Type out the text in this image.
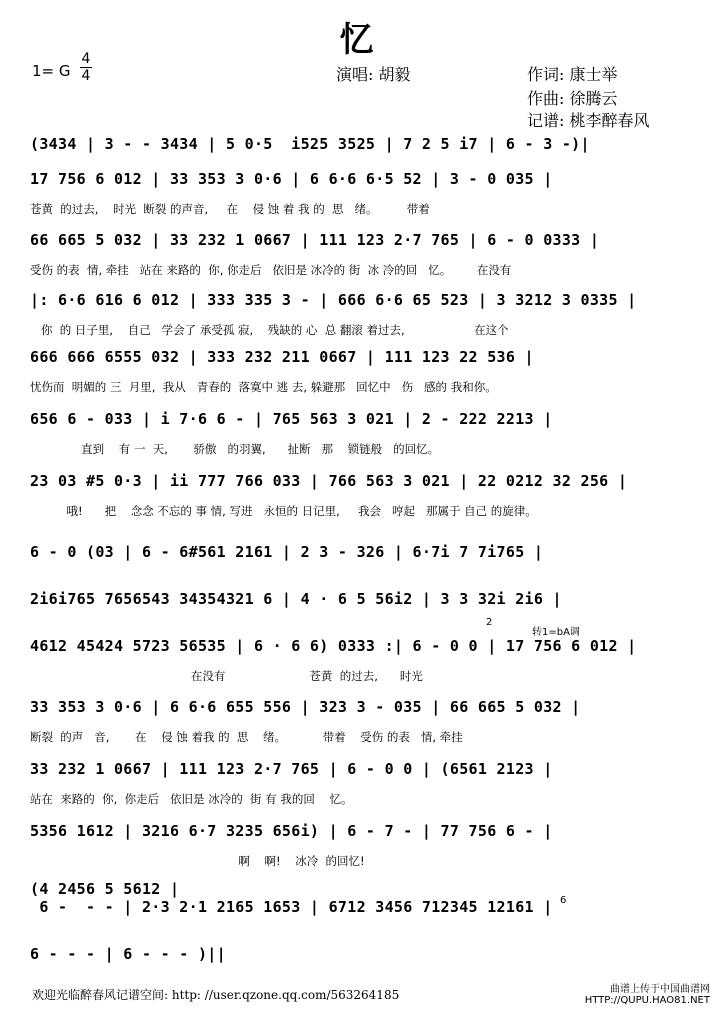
忆
1= G
4
4	演唱: 胡毅	作词: 康士举
作曲: 徐腾云
记谱: 桃李醉春风
(3434 | 3 - - 3434 | 5 0·5  i525 3525 | 7 2 5 i7 | 6 - 3 -)|
17 756 6 012 | 33 353 3 0·6 | 6 6·6 6·5 52 | 3 - 0 035 |
苍黄  的过去,    时光  断裂 的声音,     在    侵 蚀 着 我 的  思   绪。        带着
66 665 5 032 | 33 232 1 0667 | 111 123 2·7 765 | 6 - 0 0333 |
受伤 的表  情, 牵挂   站在 来路的  你, 你走后   依旧是 冰冷的 街  冰 冷的回   忆。       在没有
|: 6·6 616 6 012 | 333 335 3 - | 666 6·6 65 523 | 3 3212 3 0335 |
你  的 日子里,    自己   学会了 承受孤 寂,    残缺的 心  总 翻滚 着过去,                   在这个
666 666 6555 032 | 333 232 211 0667 | 111 123 22 536 |
忧伤而  明媚的 三  月里,  我从   青春的  落寞中 逃 去, 躲避那   回忆中   伤   感的 我和你。
656 6 - 033 | i 7·6 6 - | 765 563 3 021 | 2 - 222 2213 |
直到    有 一  天,       骄傲   的羽翼,      扯断   那    锁链般   的回忆。
23 03 #5 0·3 | ii 777 766 033 | 766 563 3 021 | 22 0212 32 256 |
哦!      把    念念 不忘的 事 情, 写进   永恒的 日记里,     我会   哼起   那属于 自己 的旋律。
6 - 0 (03 | 6 - 6#561 2161 | 2 3 - 326 | 6·7i 7 7i765 |
2i6i765 7656543 34354321 6 | 4 · 6 5 56i2 | 3 3 32i 2i6 |
4612 45424 5723 56535 | 6 · 6 6) 0333 :| 6 - 0 0 | 17 756 6 012 |
在没有                       苍黄  的过去,      时光
33 353 3 0·6 | 6 6·6 655 556 | 323 3 - 035 | 66 665 5 032 |
断裂  的声   音,       在    侵 蚀 着我 的  思    绪。          带着    受伤 的表   情, 牵挂
33 232 1 0667 | 111 123 2·7 765 | 6 - 0 0 | (6561 2123 |
站在  来路的  你,  你走后   依旧是 冰冷的  街 有 我的回    忆。
5356 1612 | 3216 6·7 3235 656i) | 6 - 7 - | 77 756 6 - |
啊    啊!    冰冷  的回忆!
(4 2456 5 5612 |
6 -  - - | 2·3 2·1 2165 1653 | 6712 3456 712345 12161 |
6 - - - | 6 - - - )||
转1=bA调
2
6
欢迎光临醉春风记谱空间: http: //user.qzone.qq.com/563264185	曲谱上传于中国曲谱网
HTTP://QUPU.HAO81.NET
